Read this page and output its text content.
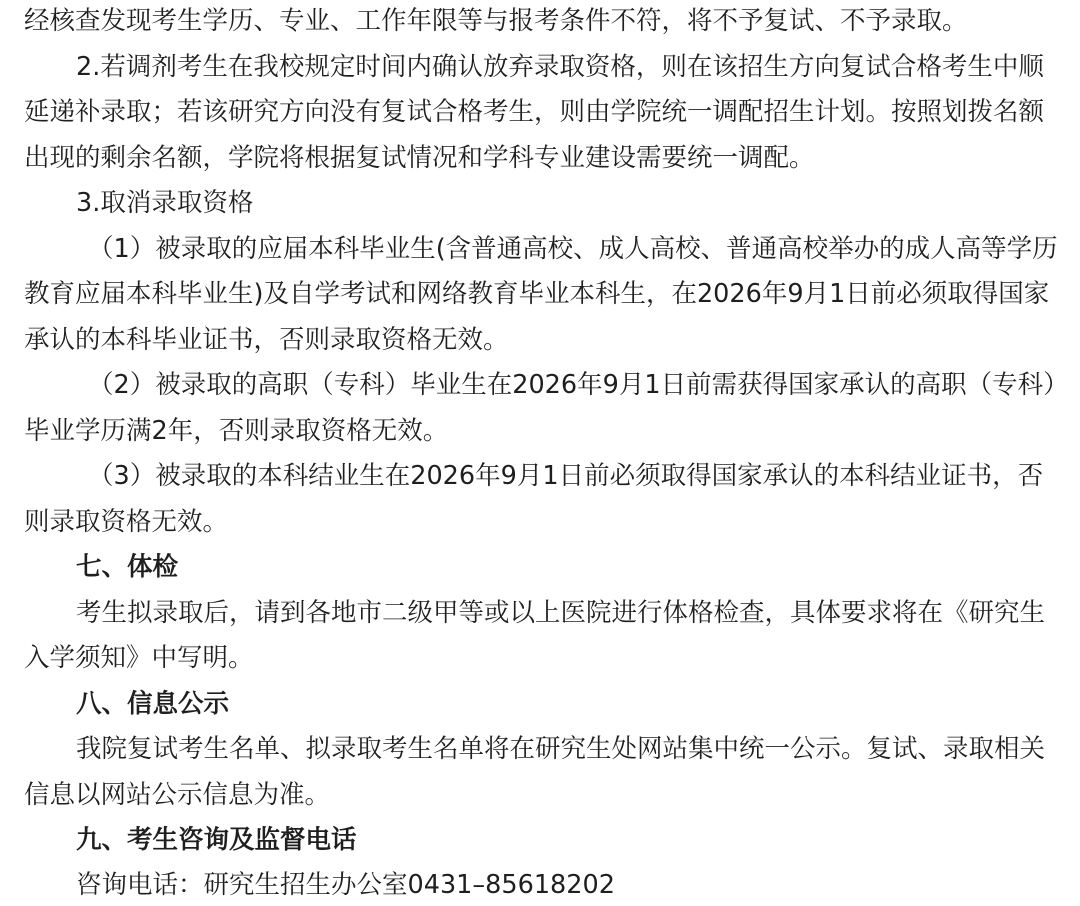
经核查发现考生学历、专业、工作年限等与报考条件不符，将不予复试、不予录取。
2.若调剂考生在我校规定时间内确认放弃录取资格，则在该招生方向复试合格考生中顺
延递补录取；若该研究方向没有复试合格考生，则由学院统一调配招生计划。按照划拨名额
出现的剩余名额，学院将根据复试情况和学科专业建设需要统一调配。
3.取消录取资格
（1）被录取的应届本科毕业生(含普通高校、成人高校、普通高校举办的成人高等学历
教育应届本科毕业生)及自学考试和网络教育毕业本科生，在2026年9月1日前必须取得国家
承认的本科毕业证书，否则录取资格无效。
（2）被录取的高职（专科）毕业生在2026年9月1日前需获得国家承认的高职（专科）
毕业学历满2年，否则录取资格无效。
（3）被录取的本科结业生在2026年9月1日前必须取得国家承认的本科结业证书，否
则录取资格无效。
七、体检
考生拟录取后，请到各地市二级甲等或以上医院进行体格检查，具体要求将在《研究生
入学须知》中写明。
八、信息公示
我院复试考生名单、拟录取考生名单将在研究生处网站集中统一公示。复试、录取相关
信息以网站公示信息为准。
九、考生咨询及监督电话
咨询电话：研究生招生办公室0431–85618202
